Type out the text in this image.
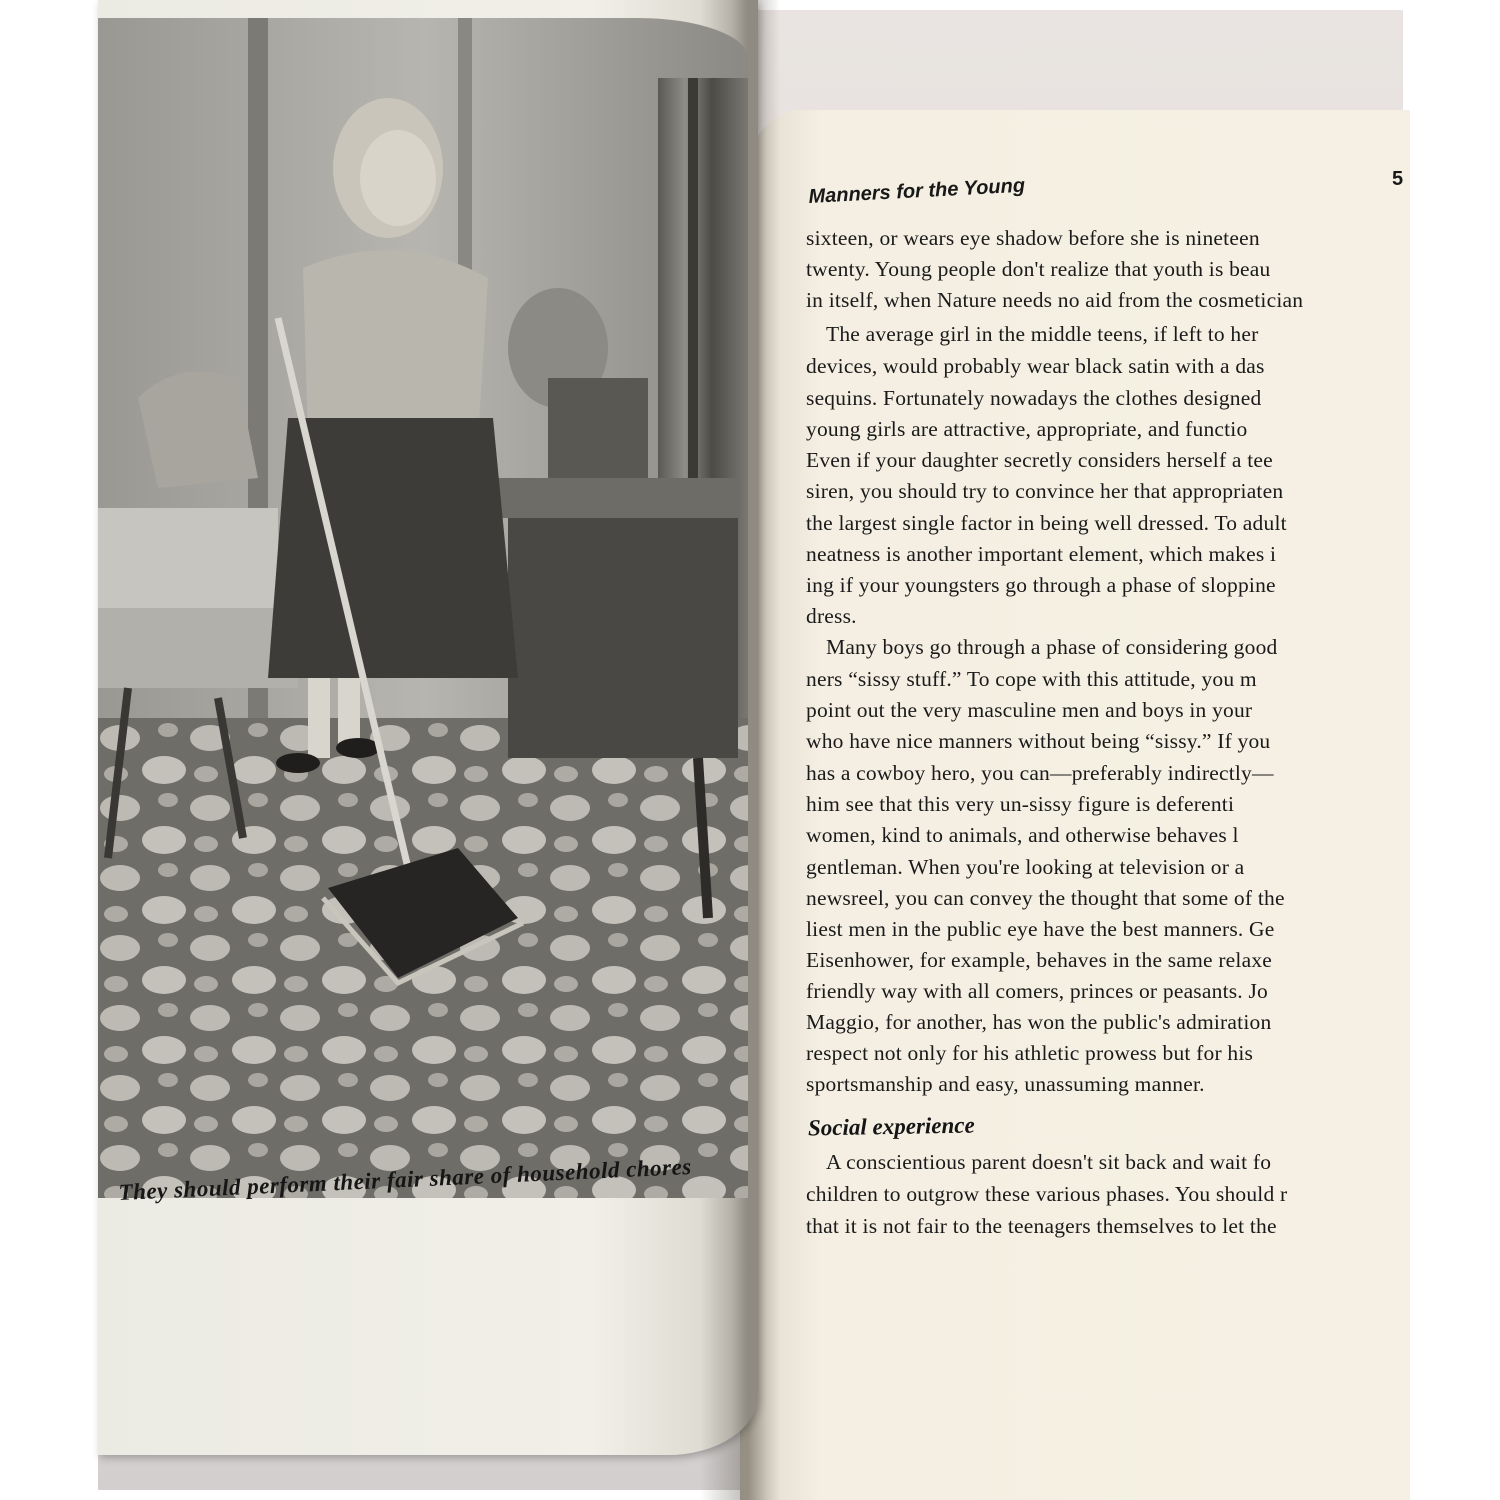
They should perform their fair share of household chores
Manners for the Young	5
sixteen, or wears eye shadow before she is nineteen
twenty. Young people don't realize that youth is beau
in itself, when Nature needs no aid from the cosmetician
The average girl in the middle teens, if left to her
devices, would probably wear black satin with a das
sequins. Fortunately nowadays the clothes designed
young girls are attractive, appropriate, and functio
Even if your daughter secretly considers herself a tee
siren, you should try to convince her that appropriaten
the largest single factor in being well dressed. To adult
neatness is another important element, which makes i
ing if your youngsters go through a phase of sloppine
dress.
Many boys go through a phase of considering good
ners “sissy stuff.” To cope with this attitude, you m
point out the very masculine men and boys in your
who have nice manners without being “sissy.” If you
has a cowboy hero, you can—preferably indirectly—
him see that this very un-sissy figure is deferenti
women, kind to animals, and otherwise behaves l
gentleman. When you're looking at television or a
newsreel, you can convey the thought that some of the
liest men in the public eye have the best manners. Ge
Eisenhower, for example, behaves in the same relaxe
friendly way with all comers, princes or peasants. Jo
Maggio, for another, has won the public's admiration
respect not only for his athletic prowess but for his
sportsmanship and easy, unassuming manner.
Social experience
A conscientious parent doesn't sit back and wait fo
children to outgrow these various phases. You should r
that it is not fair to the teenagers themselves to let the
